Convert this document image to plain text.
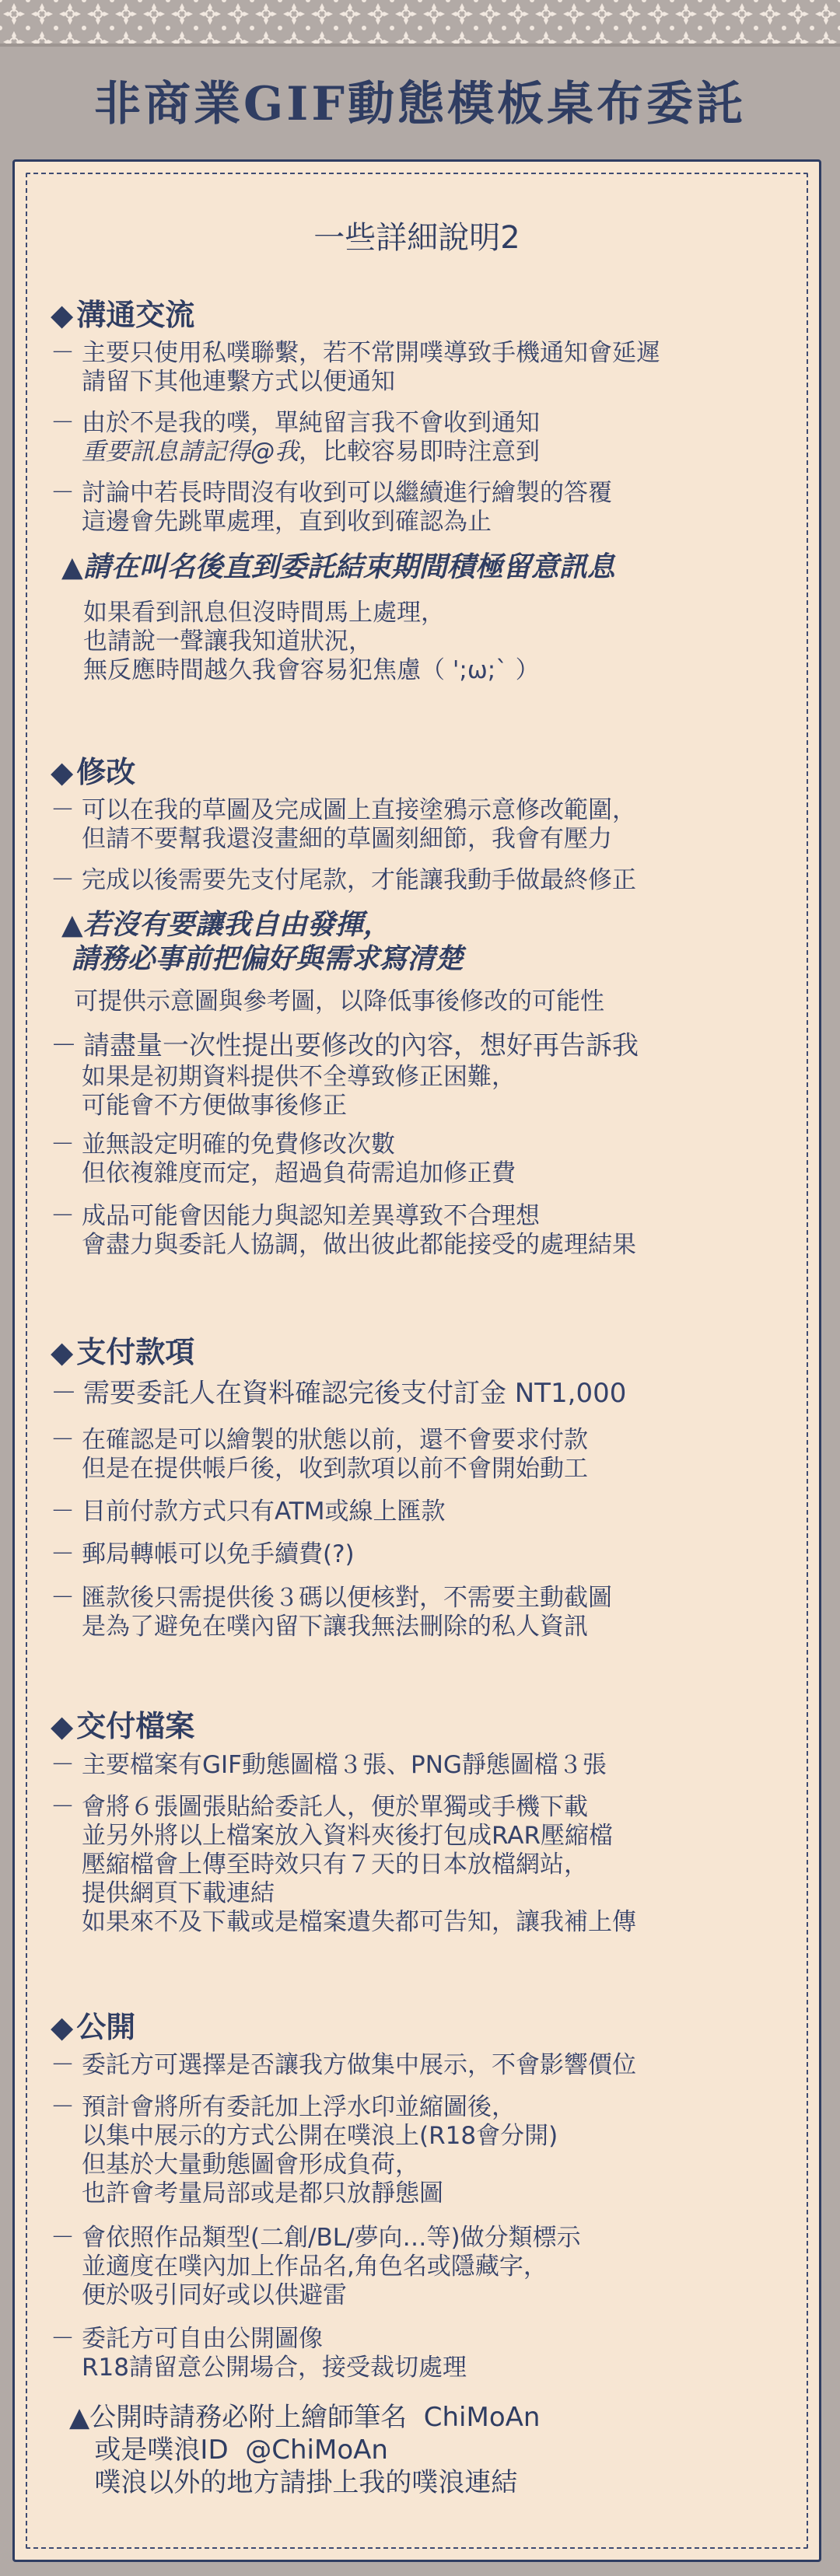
非商業GIF動態模板桌布委託
一些詳細說明2
◆ 溝通交流
－ 主要只使用私噗聯繫，若不常開噗導致手機通知會延遲
請留下其他連繫方式以便通知
－ 由於不是我的噗，單純留言我不會收到通知
重要訊息請記得@我，比較容易即時注意到
－ 討論中若長時間沒有收到可以繼續進行繪製的答覆
這邊會先跳單處理，直到收到確認為止
▲請在叫名後直到委託結束期間積極留意訊息
如果看到訊息但沒時間馬上處理，
也請說一聲讓我知道狀況，
無反應時間越久我會容易犯焦慮（ ';ω;` ）
◆ 修改
－ 可以在我的草圖及完成圖上直接塗鴉示意修改範圍，
但請不要幫我還沒畫細的草圖刻細節，我會有壓力
－ 完成以後需要先支付尾款，才能讓我動手做最終修正
▲若沒有要讓我自由發揮，
請務必事前把偏好與需求寫清楚
可提供示意圖與參考圖，以降低事後修改的可能性
－ 請盡量一次性提出要修改的內容，想好再告訴我
如果是初期資料提供不全導致修正困難，
可能會不方便做事後修正
－ 並無設定明確的免費修改次數
但依複雜度而定，超過負荷需追加修正費
－ 成品可能會因能力與認知差異導致不合理想
會盡力與委託人協調，做出彼此都能接受的處理結果
◆ 支付款項
－ 需要委託人在資料確認完後支付訂金 NT1,000
－ 在確認是可以繪製的狀態以前，還不會要求付款
但是在提供帳戶後，收到款項以前不會開始動工
－ 目前付款方式只有ATM或線上匯款
－ 郵局轉帳可以免手續費(?)
－ 匯款後只需提供後３碼以便核對，不需要主動截圖
是為了避免在噗內留下讓我無法刪除的私人資訊
◆ 交付檔案
－ 主要檔案有GIF動態圖檔３張、PNG靜態圖檔３張
－ 會將６張圖張貼給委託人，便於單獨或手機下載
並另外將以上檔案放入資料夾後打包成RAR壓縮檔
壓縮檔會上傳至時效只有７天的日本放檔網站，
提供網頁下載連結
如果來不及下載或是檔案遺失都可告知，讓我補上傳
◆ 公開
－ 委託方可選擇是否讓我方做集中展示，不會影響價位
－ 預計會將所有委託加上浮水印並縮圖後，
以集中展示的方式公開在噗浪上(R18會分開)
但基於大量動態圖會形成負荷，
也許會考量局部或是都只放靜態圖
－ 會依照作品類型(二創/BL/夢向…等)做分類標示
並適度在噗內加上作品名,角色名或隱藏字，
便於吸引同好或以供避雷
－ 委託方可自由公開圖像
R18請留意公開場合，接受裁切處理
▲公開時請務必附上繪師筆名  ChiMoAn
或是噗浪ID  @ChiMoAn
噗浪以外的地方請掛上我的噗浪連結
